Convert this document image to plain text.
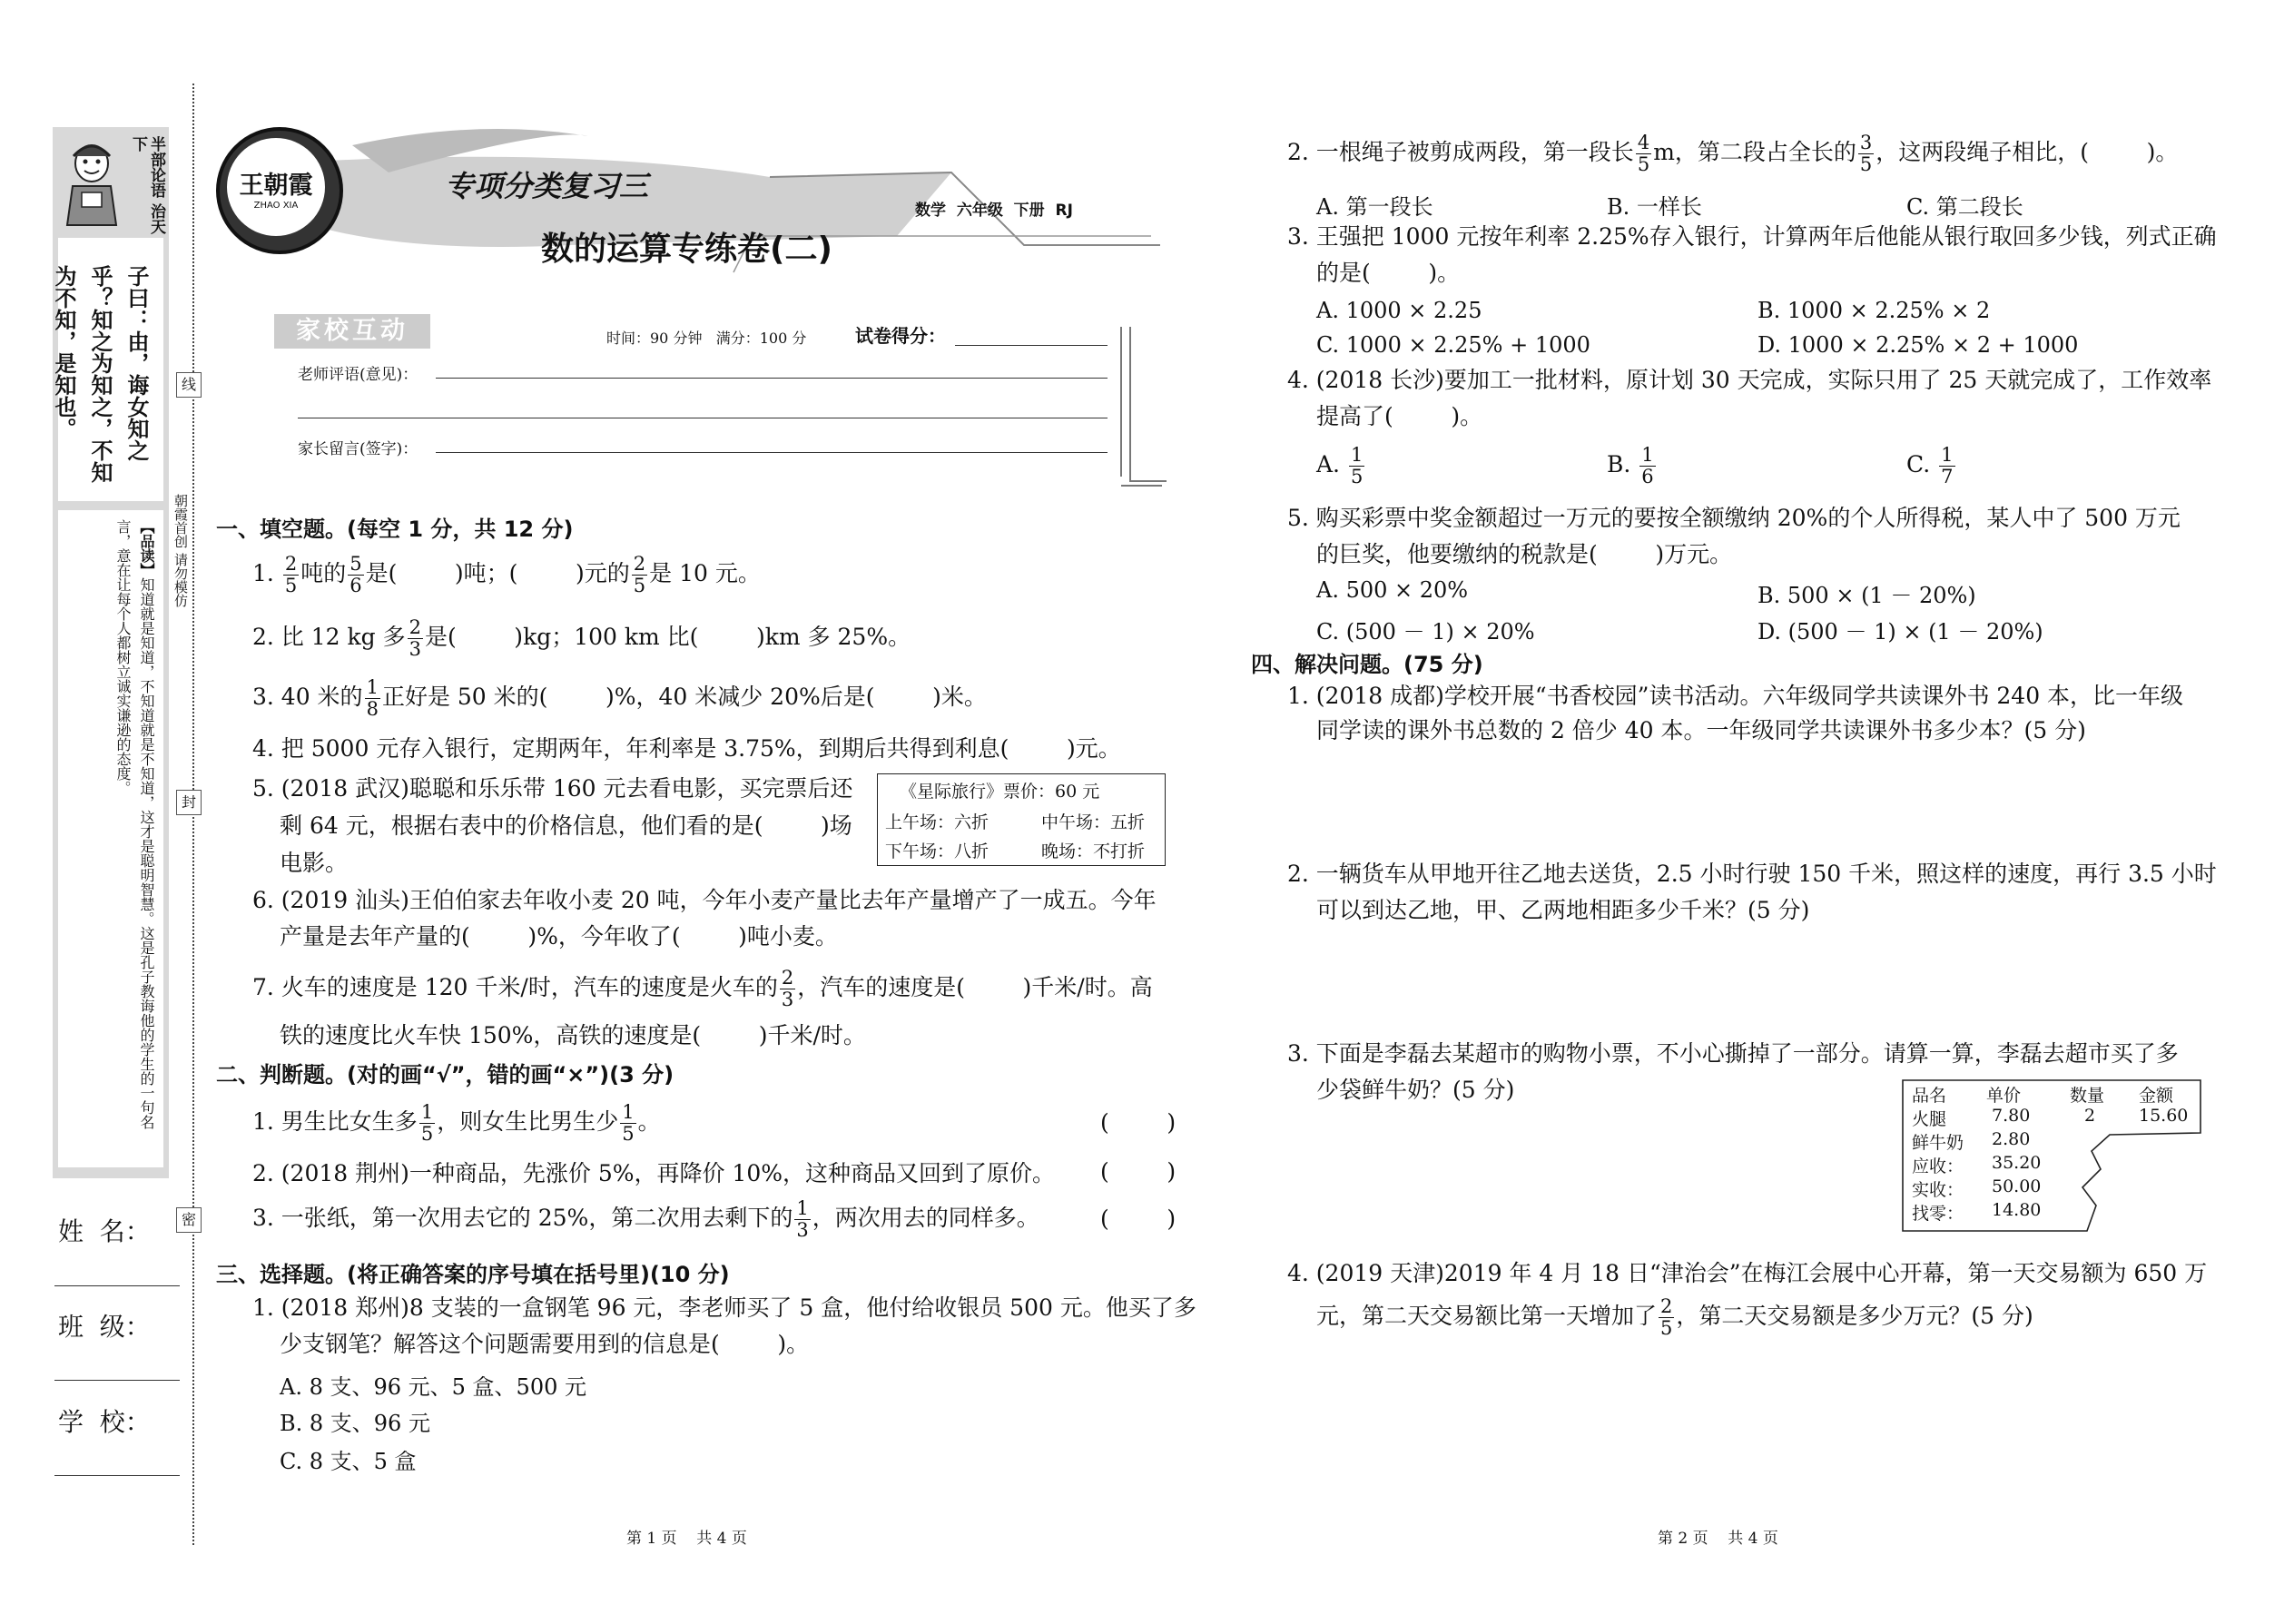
半部论语 治天下
子曰：由，诲女知之乎？知之为知之，不知为不知，是知也。
【品读】知道就是知道，不知道就是不知道，这才是聪明智慧。这是孔子教诲他的学生的一句名言，意在让每个人都树立诚实谦逊的态度。	朝霞首创 请勿模仿
线
封
密
姓  名：
班  级：
学  校：
王朝霞
ZHAO XIA
专项分类复习三
数学  六年级  下册  RJ
数的运算专练卷(二)
家校互动	时间：90 分钟   满分：100 分	试卷得分：
老师评语(意见)：
家长留言(签字)：
一、填空题。(每空 1 分，共 12 分)
1. $\frac{2}{5}$ 吨的 $\frac{5}{6}$ 是(        )吨；(        )元的 $\frac{2}{5}$ 是 10 元。
2. 比 12 kg 多 $\frac{2}{3}$ 是(        )kg；100 km 比(        )km 多 25%。
3. 40 米的 $\frac{1}{8}$ 正好是 50 米的(        )%，40 米减少 20%后是(        )米。
4. 把 5000 元存入银行，定期两年，年利率是 3.75%，到期后共得到利息(        )元。
5. (2018 武汉)聪聪和乐乐带 160 元去看电影，买完票后还
剩 64 元，根据右表中的价格信息，他们看的是(        )场
电影。
《星际旅行》票价：60 元
上午场：六折	中午场：五折
下午场：八折	晚场：不打折
6. (2019 汕头)王伯伯家去年收小麦 20 吨，今年小麦产量比去年产量增产了一成五。今年
产量是去年产量的(        )%，今年收了(        )吨小麦。
7. 火车的速度是 120 千米/时，汽车的速度是火车的 $\frac{2}{3}$ ，汽车的速度是(        )千米/时。高
铁的速度比火车快 150%，高铁的速度是(        )千米/时。
二、判断题。(对的画“√”，错的画“×”)(3 分)
1. 男生比女生多 $\frac{1}{5}$ ，则女生比男生少 $\frac{1}{5}$ 。	(        )
2. (2018 荆州)一种商品，先涨价 5%，再降价 10%，这种商品又回到了原价。 (        )
3. 一张纸，第一次用去它的 25%，第二次用去剩下的 $\frac{1}{3}$ ，两次用去的同样多。	(        )
三、选择题。(将正确答案的序号填在括号里)(10 分)
1. (2018 郑州)8 支装的一盒钢笔 96 元，李老师买了 5 盒，他付给收银员 500 元。他买了多
少支钢笔？解答这个问题需要用到的信息是(        )。
A. 8 支、96 元、5 盒、500 元
B. 8 支、96 元
C. 8 支、5 盒
第 1 页    共 4 页
2. 一根绳子被剪成两段，第一段长 $\frac{4}{5}$ m，第二段占全长的 $\frac{3}{5}$ ，这两段绳子相比，(        )。
A. 第一段长	B. 一样长	C. 第二段长
3. 王强把 1000 元按年利率 2.25%存入银行，计算两年后他能从银行取回多少钱，列式正确
的是(        )。
A. 1000 × 2.25	B. 1000 × 2.25% × 2
C. 1000 × 2.25% + 1000	D. 1000 × 2.25% × 2 + 1000
4. (2018 长沙)要加工一批材料，原计划 30 天完成，实际只用了 25 天就完成了，工作效率
提高了(        )。
A. $\frac{1}{5}$	B. $\frac{1}{6}$	C. $\frac{1}{7}$
5. 购买彩票中奖金额超过一万元的要按全额缴纳 20%的个人所得税，某人中了 500 万元
的巨奖，他要缴纳的税款是(        )万元。
A. 500 × 20%	B. 500 × (1 － 20%)
C. (500 － 1) × 20%	D. (500 － 1) × (1 － 20%)
四、解决问题。(75 分)
1. (2018 成都)学校开展“书香校园”读书活动。六年级同学共读课外书 240 本，比一年级
同学读的课外书总数的 2 倍少 40 本。一年级同学共读课外书多少本？(5 分)
2. 一辆货车从甲地开往乙地去送货，2.5 小时行驶 150 千米，照这样的速度，再行 3.5 小时
可以到达乙地，甲、乙两地相距多少千米？(5 分)
3. 下面是李磊去某超市的购物小票，不小心撕掉了一部分。请算一算，李磊去超市买了多
少袋鲜牛奶？(5 分)	品名 单价	数量 金额
火腿	7.80	2	15.60
鲜牛奶 2.80
应收： 35.20
实收： 50.00
找零： 14.80
4. (2019 天津)2019 年 4 月 18 日“津治会”在梅江会展中心开幕，第一天交易额为 650 万
元，第二天交易额比第一天增加了 $\frac{2}{5}$ ，第二天交易额是多少万元？(5 分)
第 2 页    共 4 页
